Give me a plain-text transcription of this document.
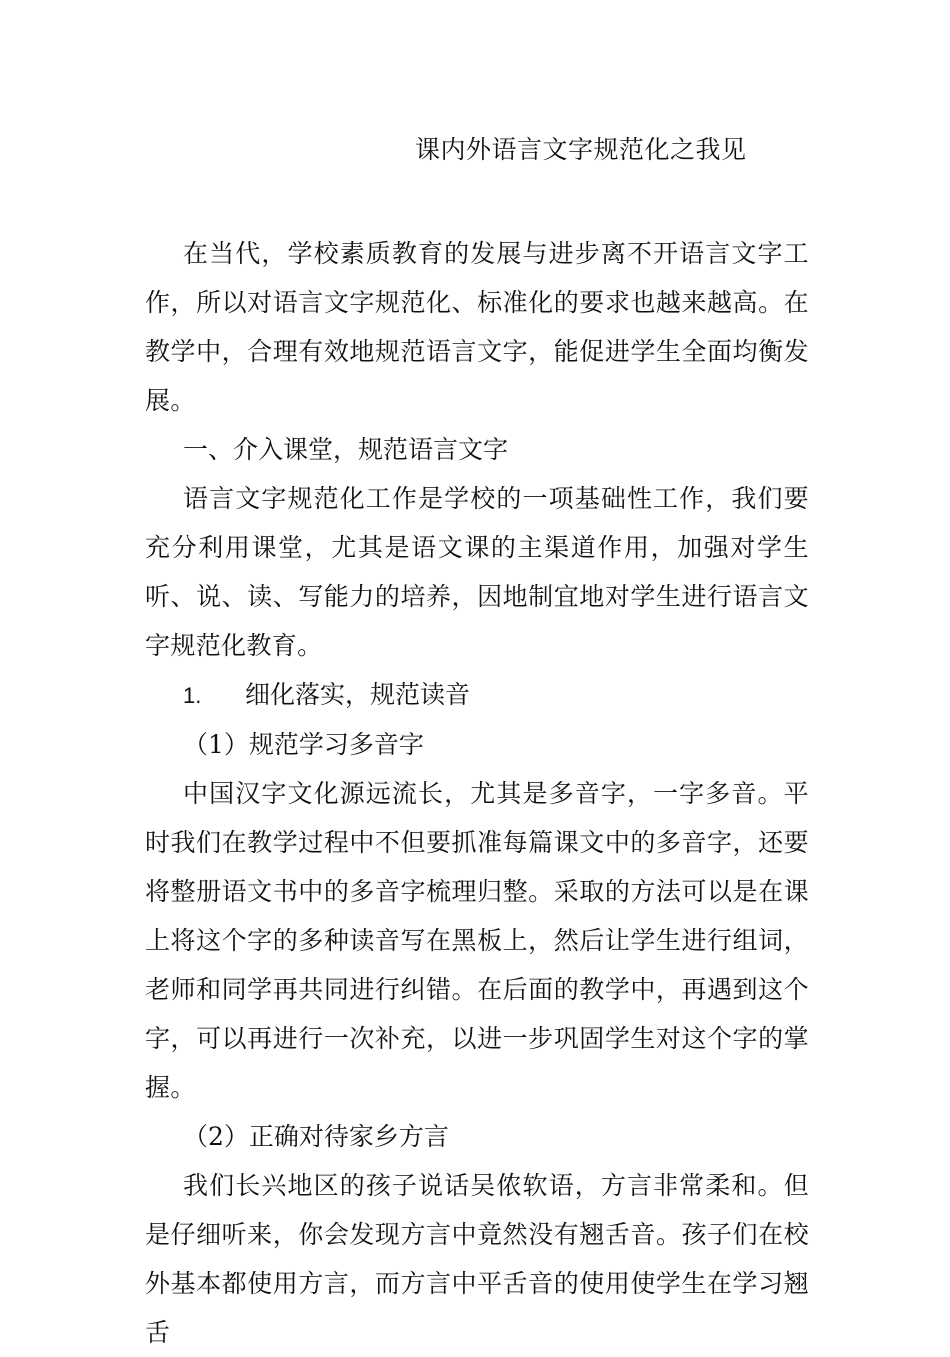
课内外语言文字规范化之我见

在当代，学校素质教育的发展与进步离不开语言文字工作，所以对语言文字规范化、标准化的要求也越来越高。在教学中，合理有效地规范语言文字，能促进学生全面均衡发展。

一、介入课堂，规范语言文字

语言文字规范化工作是学校的一项基础性工作，我们要充分利用课堂，尤其是语文课的主渠道作用，加强对学生听、说、读、写能力的培养，因地制宜地对学生进行语言文字规范化教育。

1. 细化落实，规范读音

（1）规范学习多音字

中国汉字文化源远流长，尤其是多音字，一字多音。平时我们在教学过程中不但要抓准每篇课文中的多音字，还要将整册语文书中的多音字梳理归整。采取的方法可以是在课上将这个字的多种读音写在黑板上，然后让学生进行组词，老师和同学再共同进行纠错。在后面的教学中，再遇到这个字，可以再进行一次补充，以进一步巩固学生对这个字的掌握。

（2）正确对待家乡方言

我们长兴地区的孩子说话吴侬软语，方言非常柔和。但是仔细听来，你会发现方言中竟然没有翘舌音。孩子们在校外基本都使用方言，而方言中平舌音的使用使学生在学习翘舌
